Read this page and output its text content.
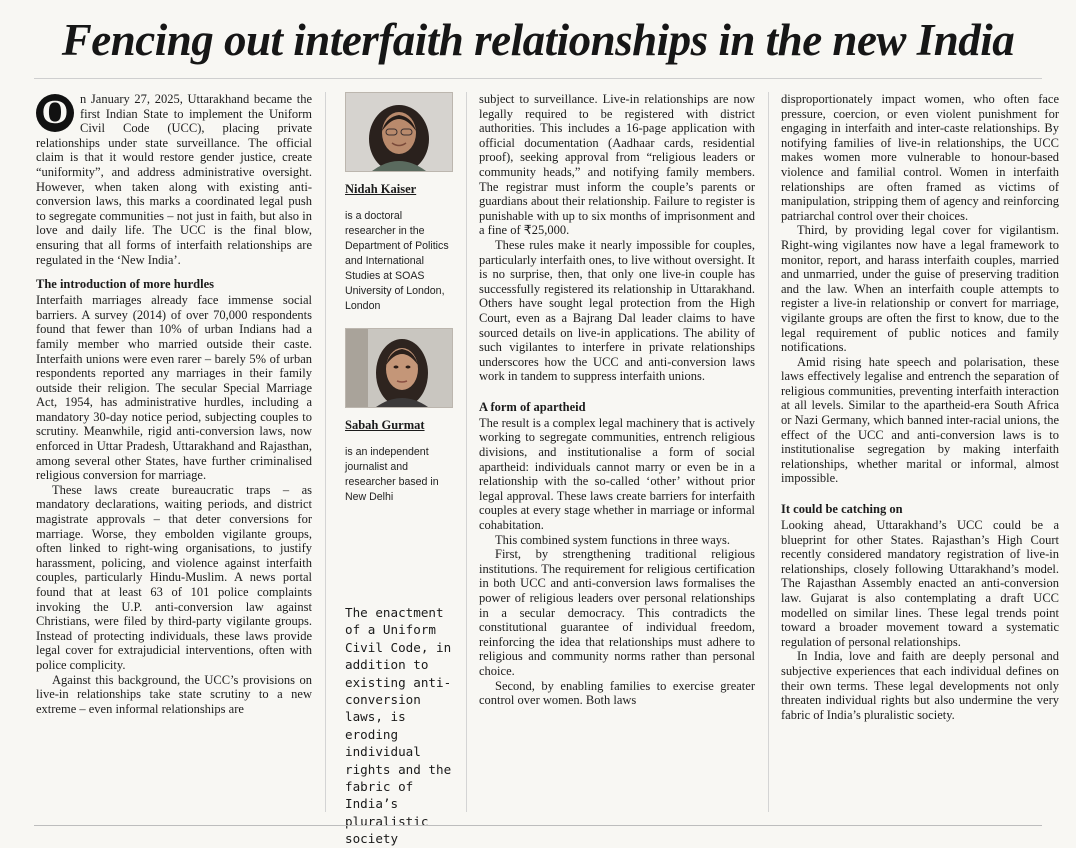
Fencing out interfaith relationships in the new India
O n January 27, 2025, Uttarakhand became the first Indian State to implement the Uniform Civil Code (UCC), placing private relationships under state surveillance. The official claim is that it would restore gender justice, create “uniformity”, and address administrative oversight. However, when taken along with existing anti-conversion laws, this marks a coordinated legal push to segregate communities – not just in faith, but also in love and daily life. The UCC is the final blow, ensuring that all forms of interfaith relationships are regulated in the ‘New India’.

The introduction of more hurdles

Interfaith marriages already face immense social barriers. A survey (2014) of over 70,000 respondents found that fewer than 10% of urban Indians had a family member who married outside their caste. Interfaith unions were even rarer – barely 5% of urban respondents reported any marriages in their family outside their religion. The secular Special Marriage Act, 1954, has administrative hurdles, including a mandatory 30-day notice period, subjecting couples to scrutiny. Meanwhile, rigid anti-conversion laws, now enforced in Uttar Pradesh, Uttarakhand and Rajasthan, among several other States, have further criminalised religious conversion for marriage.

These laws create bureaucratic traps – as mandatory declarations, waiting periods, and district magistrate approvals – that deter conversions for marriage. Worse, they embolden vigilante groups, often linked to right-wing organisations, to justify harassment, policing, and violence against interfaith couples, particularly Hindu-Muslim. A news portal found that at least 63 of 101 police complaints invoking the U.P. anti-conversion law against Christians, were filed by third-party vigilante groups. Instead of protecting individuals, these laws provide legal cover for extrajudicial interventions, often with police complicity.

Against this background, the UCC’s provisions on live-in relationships take state scrutiny to a new extreme – even informal relationships are

Nidah Kaiser
is a doctoral researcher in the Department of Politics and International Studies at SOAS University of London, London
Sabah Gurmat
is an independent journalist and researcher based in New Delhi
The enactment of a Uniform Civil Code, in addition to existing anti-conversion laws, is eroding individual rights and the fabric of India’s pluralistic society

subject to surveillance. Live-in relationships are now legally required to be registered with district authorities. This includes a 16-page application with official documentation (Aadhaar cards, residential proof), seeking approval from “religious leaders or community heads,” and notifying family members. The registrar must inform the couple’s parents or guardians about their relationship. Failure to register is punishable with up to six months of imprisonment and a fine of ₹25,000.

These rules make it nearly impossible for couples, particularly interfaith ones, to live without oversight. It is no surprise, then, that only one live-in couple has successfully registered its relationship in Uttarakhand. Others have sought legal protection from the High Court, even as a Bajrang Dal leader claims to have sourced details on live-in applications. The ability of such vigilantes to interfere in private relationships underscores how the UCC and anti-conversion laws work in tandem to suppress interfaith unions.

A form of apartheid

The result is a complex legal machinery that is actively working to segregate communities, entrench religious divisions, and institutionalise a form of social apartheid: individuals cannot marry or even be in a relationship with the so-called ‘other’ without prior legal approval. These laws create barriers for interfaith couples at every stage whether in marriage or informal cohabitation.

This combined system functions in three ways.

First, by strengthening traditional religious institutions. The requirement for religious certification in both UCC and anti-conversion laws formalises the power of religious leaders over personal relationships in a secular democracy. This contradicts the constitutional guarantee of individual freedom, reinforcing the idea that relationships must adhere to religious and community norms rather than personal choice.

Second, by enabling families to exercise greater control over women. Both laws

disproportionately impact women, who often face pressure, coercion, or even violent punishment for engaging in interfaith and inter-caste relationships. By notifying families of live-in relationships, the UCC makes women more vulnerable to honour-based violence and familial control. Women in interfaith relationships are often framed as victims of manipulation, stripping them of agency and reinforcing patriarchal control over their choices.

Third, by providing legal cover for vigilantism. Right-wing vigilantes now have a legal framework to monitor, report, and harass interfaith couples, married and unmarried, under the guise of preserving tradition and the law. When an interfaith couple attempts to register a live-in relationship or convert for marriage, vigilante groups are often the first to know, due to the legal requirement of public notices and family notifications.

Amid rising hate speech and polarisation, these laws effectively legalise and entrench the separation of religious communities, preventing interfaith interaction at all levels. Similar to the apartheid-era South Africa or Nazi Germany, which banned inter-racial unions, the effect of the UCC and anti-conversion laws is to institutionalise segregation by making interfaith relationships, whether marital or informal, almost impossible.

It could be catching on

Looking ahead, Uttarakhand’s UCC could be a blueprint for other States. Rajasthan’s High Court recently considered mandatory registration of live-in relationships, closely following Uttarakhand’s model. The Rajasthan Assembly enacted an anti-conversion law. Gujarat is also contemplating a draft UCC modelled on similar lines. These legal trends point toward a broader movement toward a systematic regulation of personal relationships.

In India, love and faith are deeply personal and subjective experiences that each individual defines on their own terms. These legal developments not only threaten individual rights but also undermine the very fabric of India’s pluralistic society.
